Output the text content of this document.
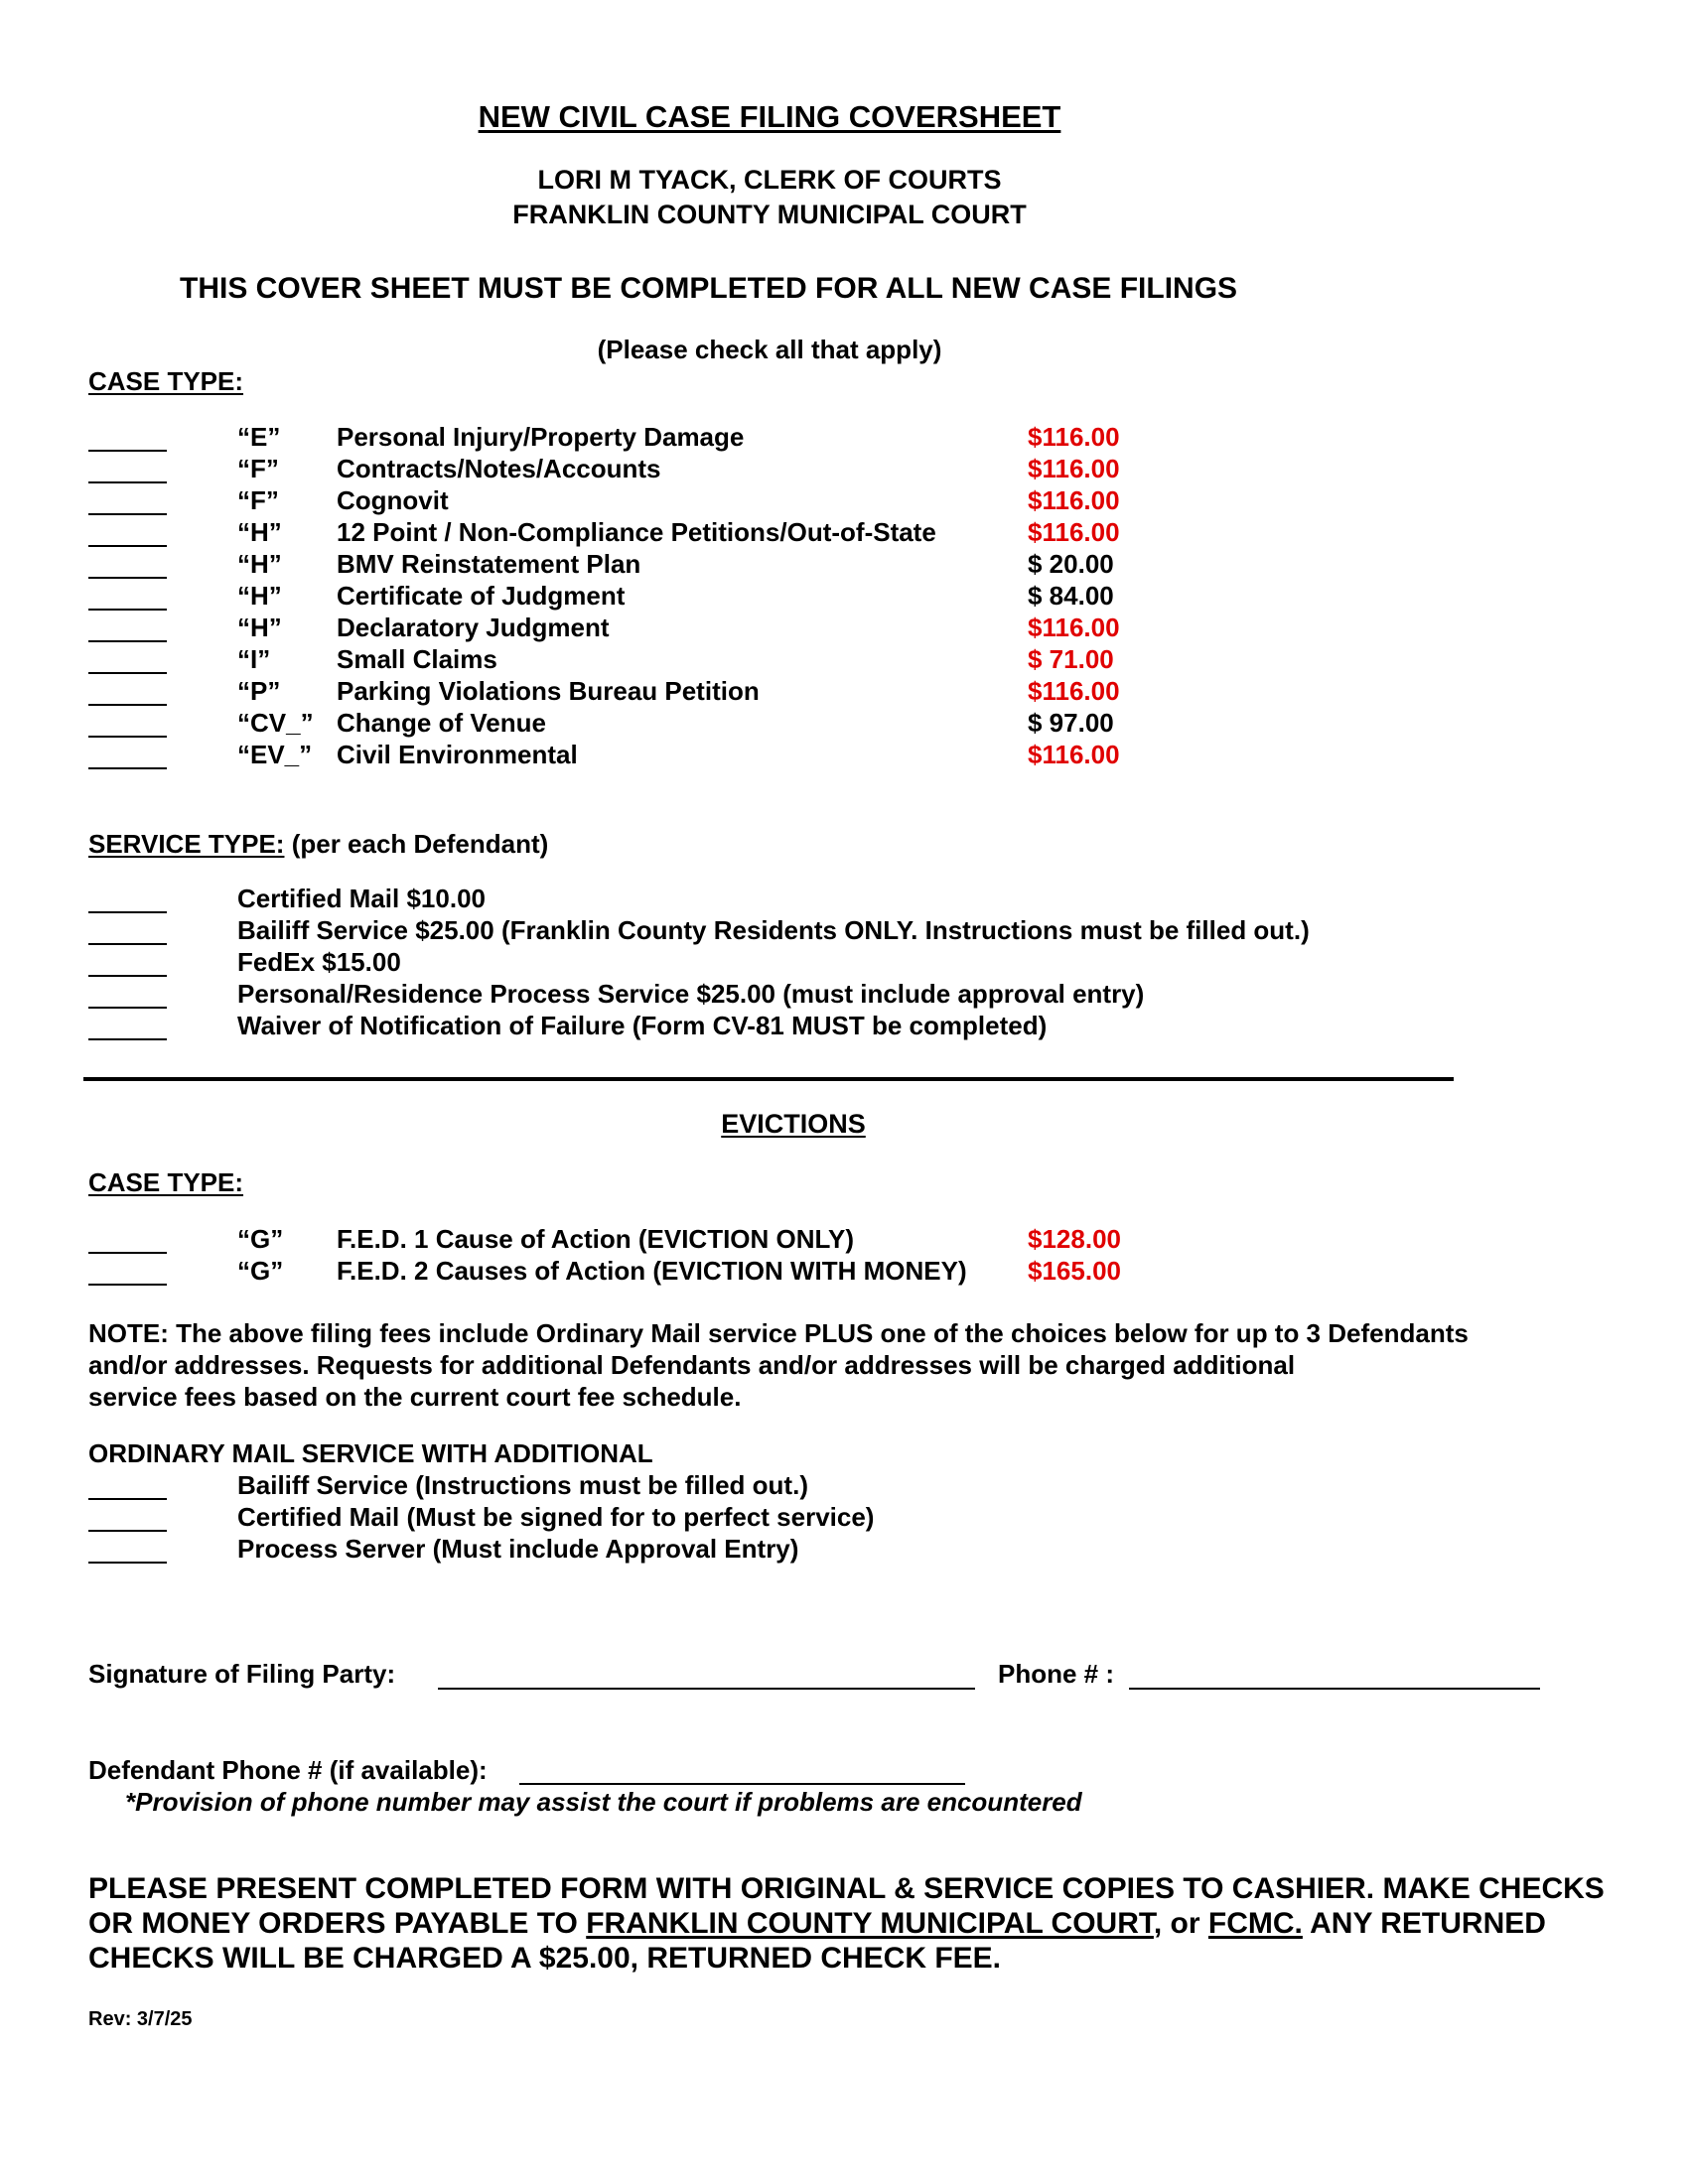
NEW CIVIL CASE FILING COVERSHEET
LORI M TYACK, CLERK OF COURTS
FRANKLIN COUNTY MUNICIPAL COURT
THIS COVER SHEET MUST BE COMPLETED FOR ALL NEW CASE FILINGS
(Please check all that apply)
CASE TYPE:
“E” Personal Injury/Property Damage	$116.00
“F” Contracts/Notes/Accounts	$116.00
“F” Cognovit	$116.00
“H” 12 Point / Non-Compliance Petitions/Out-of-State	$116.00
“H” BMV Reinstatement Plan	$ 20.00
“H” Certificate of Judgment	$ 84.00
“H” Declaratory Judgment	$116.00
“I”	Small Claims	$ 71.00
“P” Parking Violations Bureau Petition	$116.00
“CV_” Change of Venue	$ 97.00
“EV_” Civil Environmental	$116.00
SERVICE TYPE: (per each Defendant)
Certified Mail $10.00
Bailiff Service $25.00 (Franklin County Residents ONLY. Instructions must be filled out.)
FedEx $15.00
Personal/Residence Process Service $25.00 (must include approval entry)
Waiver of Notification of Failure (Form CV-81 MUST be completed)
EVICTIONS
CASE TYPE:
“G” F.E.D. 1 Cause of Action (EVICTION ONLY)	$128.00
“G” F.E.D. 2 Causes of Action (EVICTION WITH MONEY) $165.00
NOTE: The above filing fees include Ordinary Mail service PLUS one of the choices below for up to 3 Defendants
and/or addresses. Requests for additional Defendants and/or addresses will be charged additional
service fees based on the current court fee schedule.
ORDINARY MAIL SERVICE WITH ADDITIONAL
Bailiff Service (Instructions must be filled out.)
Certified Mail (Must be signed for to perfect service)
Process Server (Must include Approval Entry)
Signature of Filing Party:	Phone # :
Defendant Phone # (if available):
*Provision of phone number may assist the court if problems are encountered
PLEASE PRESENT COMPLETED FORM WITH ORIGINAL & SERVICE COPIES TO CASHIER. MAKE CHECKS
OR MONEY ORDERS PAYABLE TO FRANKLIN COUNTY MUNICIPAL COURT, or FCMC. ANY RETURNED
CHECKS WILL BE CHARGED A $25.00, RETURNED CHECK FEE.
Rev: 3/7/25
